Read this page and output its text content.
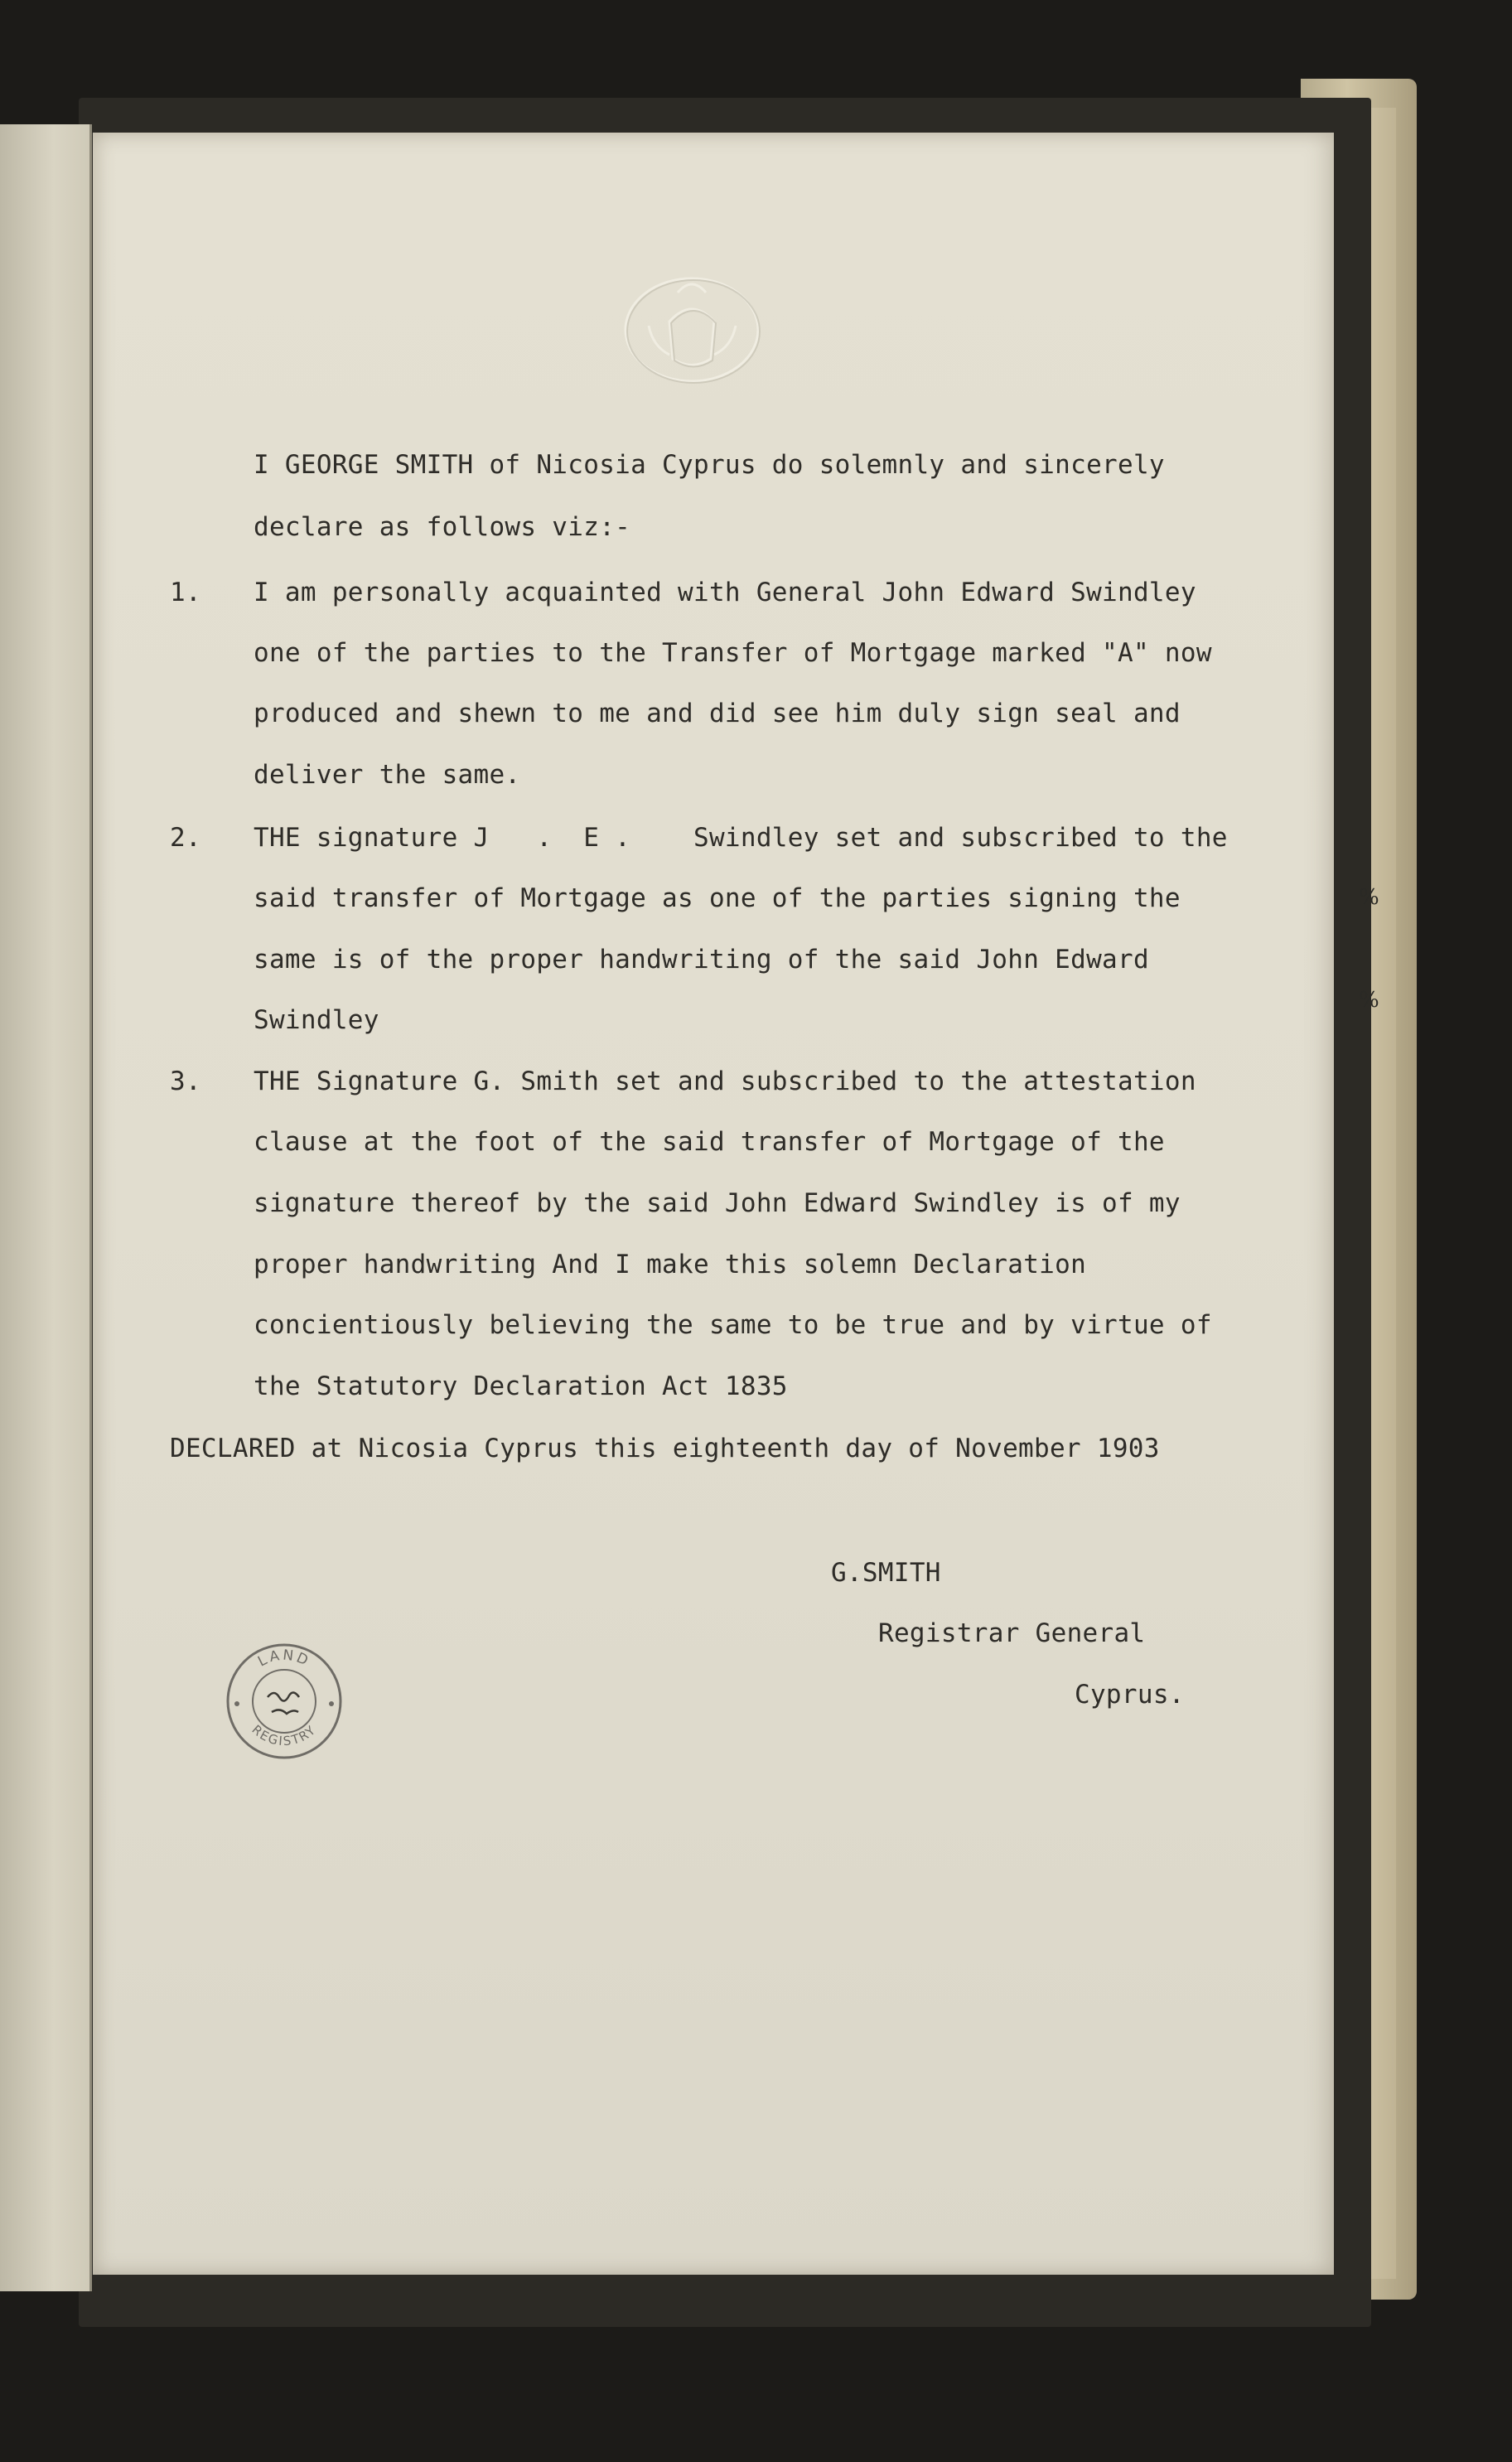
I GEORGE SMITH of Nicosia Cyprus do solemnly and sincerely
declare as follows viz:-
1. I am personally acquainted with General John Edward Swindley
one of the parties to the Transfer of Mortgage marked "A" now
produced and shewn to me and did see him duly sign seal and
deliver the same.
2. THE signature J   .  E .    Swindley set and subscribed to the
said transfer of Mortgage as one of the parties signing the
same is of the proper handwriting of the said John Edward
Swindley
3. THE Signature G. Smith set and subscribed to the attestation
clause at the foot of the said transfer of Mortgage of the
signature thereof by the said John Edward Swindley is of my
proper handwriting And I make this solemn Declaration
concientiously believing the same to be true and by virtue of
the Statutory Declaration Act 1835
DECLARED at Nicosia Cyprus this eighteenth day of November 1903
G.SMITH
Registrar General
Cyprus.
LAND
REGISTRY
%
%
